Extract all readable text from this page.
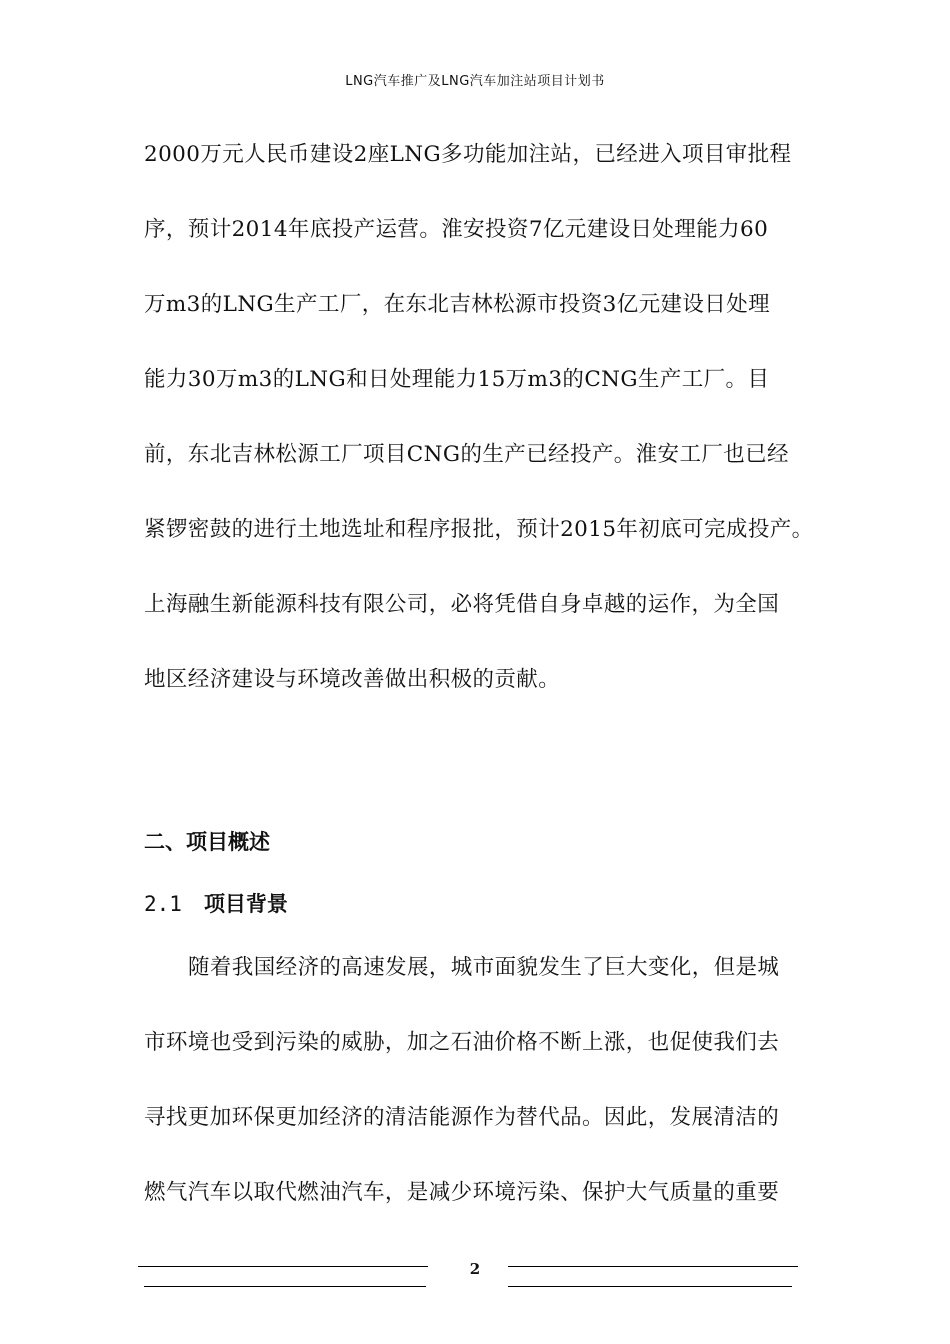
LNG汽车推广及LNG汽车加注站项目计划书
2000万元人民币建设2座LNG多功能加注站，已经进入项目审批程
序，预计2014年底投产运营。淮安投资7亿元建设日处理能力60
万m3的LNG生产工厂，在东北吉林松源市投资3亿元建设日处理
能力30万m3的LNG和日处理能力15万m3的CNG生产工厂。目
前，东北吉林松源工厂项目CNG的生产已经投产。淮安工厂也已经
紧锣密鼓的进行土地选址和程序报批，预计2015年初底可完成投产。
上海融生新能源科技有限公司，必将凭借自身卓越的运作，为全国
地区经济建设与环境改善做出积极的贡献。
二、项目概述
2.1 项目背景
随着我国经济的高速发展，城市面貌发生了巨大变化，但是城
市环境也受到污染的威胁，加之石油价格不断上涨，也促使我们去
寻找更加环保更加经济的清洁能源作为替代品。因此，发展清洁的
燃气汽车以取代燃油汽车，是减少环境污染、保护大气质量的重要
2
